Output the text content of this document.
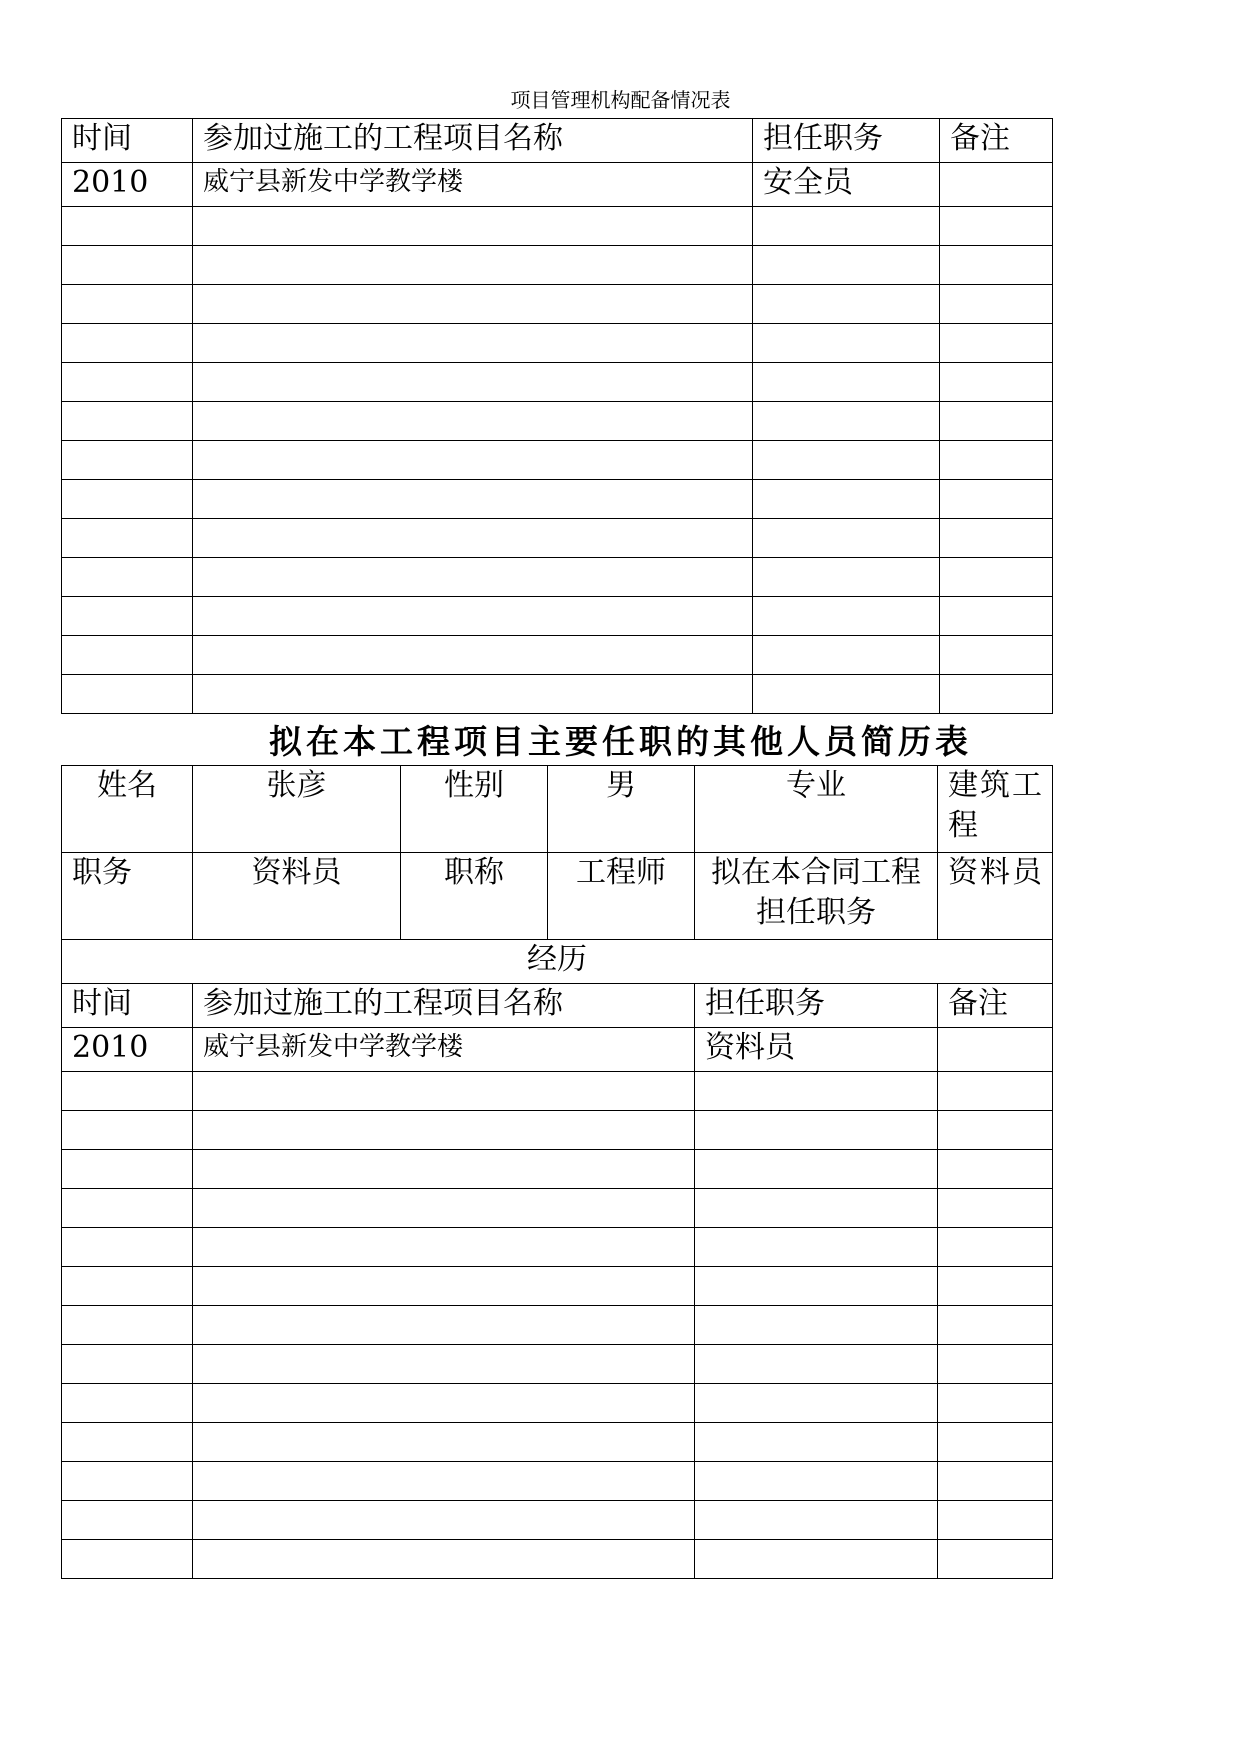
项目管理机构配备情况表
时间	参加过施工的工程项目名称	担任职务	备注
2010	威宁县新发中学教学楼	安全员	

拟在本工程项目主要任职的其他人员简历表
姓名	张彦	性别	男	专业	建筑工程
职务	资料员	职称	工程师	拟在本合同工程担任职务	资料员
经历					
时间	参加过施工的工程项目名称			担任职务	备注
2010	威宁县新发中学教学楼			资料员	
